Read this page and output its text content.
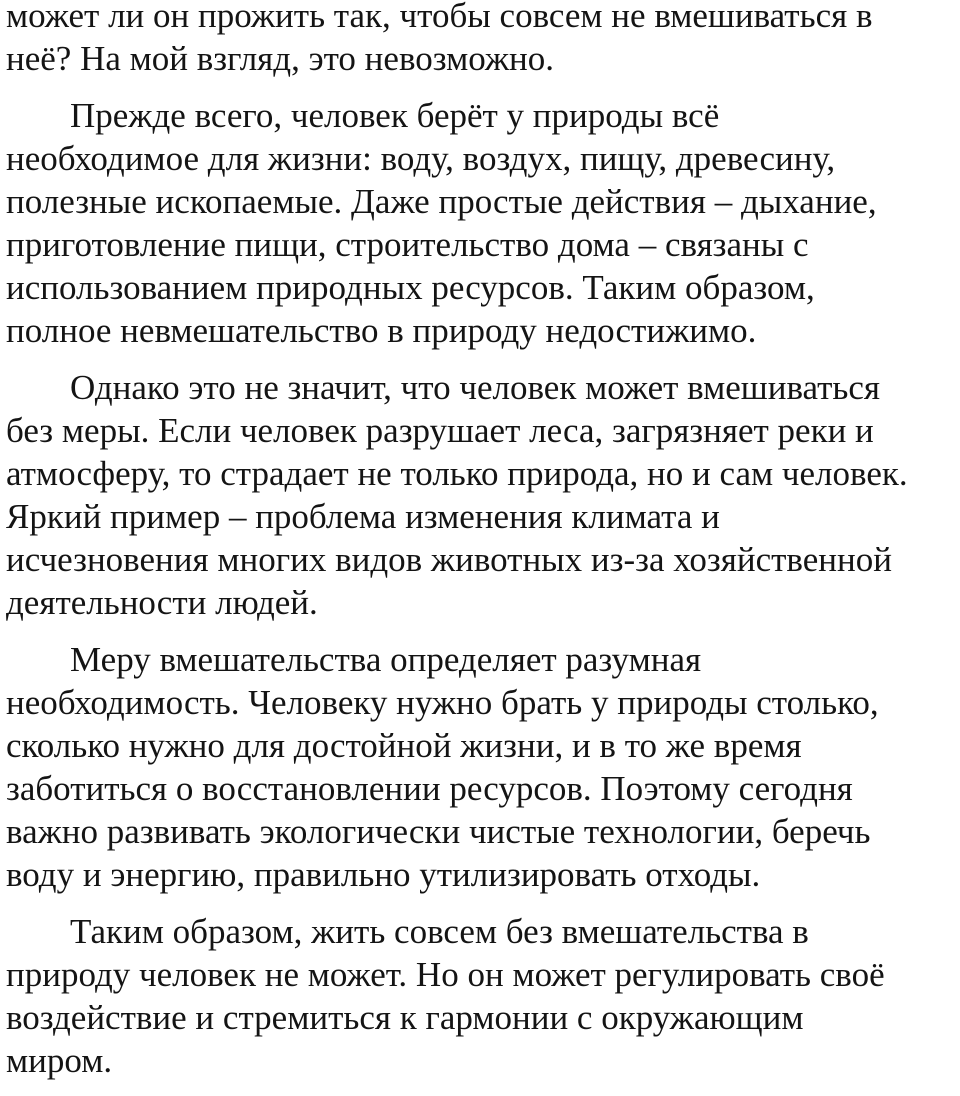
может ли он прожить так, чтобы совсем не вмешиваться в
неё? На мой взгляд, это невозможно.
Прежде всего, человек берёт у природы всё
необходимое для жизни: воду, воздух, пищу, древесину,
полезные ископаемые. Даже простые действия – дыхание,
приготовление пищи, строительство дома – связаны с
использованием природных ресурсов. Таким образом,
полное невмешательство в природу недостижимо.
Однако это не значит, что человек может вмешиваться
без меры. Если человек разрушает леса, загрязняет реки и
атмосферу, то страдает не только природа, но и сам человек.
Яркий пример – проблема изменения климата и
исчезновения многих видов животных из-за хозяйственной
деятельности людей.
Меру вмешательства определяет разумная
необходимость. Человеку нужно брать у природы столько,
сколько нужно для достойной жизни, и в то же время
заботиться о восстановлении ресурсов. Поэтому сегодня
важно развивать экологически чистые технологии, беречь
воду и энергию, правильно утилизировать отходы.
Таким образом, жить совсем без вмешательства в
природу человек не может. Но он может регулировать своё
воздействие и стремиться к гармонии с окружающим
миром.
